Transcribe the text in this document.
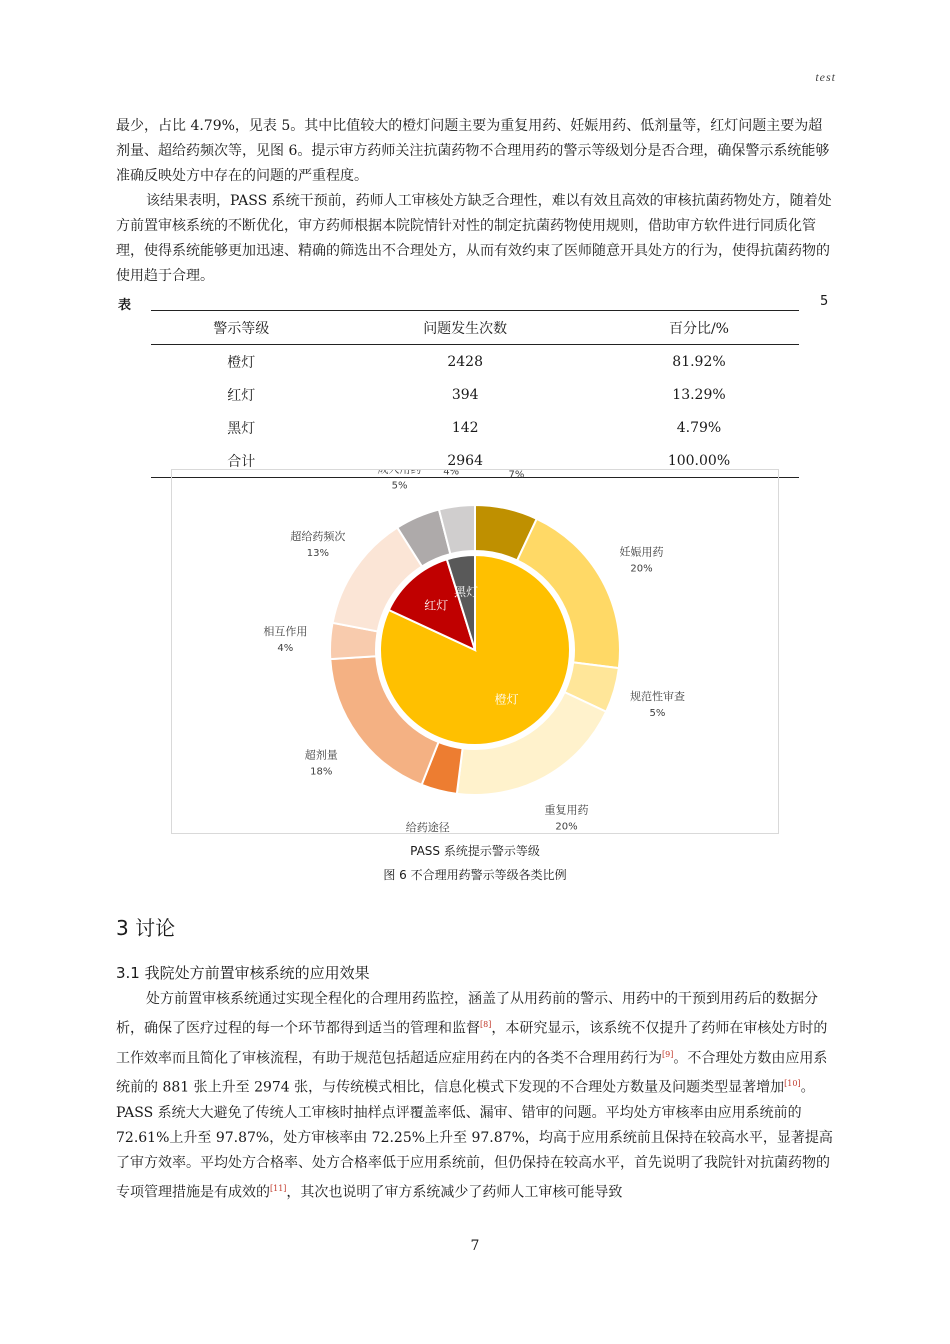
test

最少，占比 4.79%，见表 5。其中比值较大的橙灯问题主要为重复用药、妊娠用药、低剂量等，红灯问题主要为超剂量、超给药频次等，见图 6。提示审方药师关注抗菌药物不合理用药的警示等级划分是否合理，确保警示系统能够准确反映处方中存在的问题的严重程度。

该结果表明，PASS 系统干预前，药师人工审核处方缺乏合理性，难以有效且高效的审核抗菌药物处方，随着处方前置审核系统的不断优化，审方药师根据本院院情针对性的制定抗菌药物使用规则，借助审方软件进行同质化管理，使得系统能够更加迅速、精确的筛选出不合理处方，从而有效约束了医师随意开具处方的行为，使得抗菌药物的使用趋于合理。

表	5
警示等级	问题发生次数	百分比/%
橙灯	2428	81.92%
红灯	394	13.29%
黑灯	142	4.79%
合计	2964	100.00%
7%
妊娠用药
20%
规范性审查
5%
重复用药
20%
给药途径
超剂量
18%
相互作用
4%
超给药频次
13%
5%
4%
橙灯
红灯
黑灯
PASS 系统提示警示等级
图 6 不合理用药警示等级各类比例
3 讨论
3.1 我院处方前置审核系统的应用效果

处方前置审核系统通过实现全程化的合理用药监控，涵盖了从用药前的警示、用药中的干预到用药后的数据分析，确保了医疗过程的每一个环节都得到适当的管理和监督[8]，本研究显示，该系统不仅提升了药师在审核处方时的工作效率而且简化了审核流程，有助于规范包括超适应症用药在内的各类不合理用药行为[9]。不合理处方数由应用系统前的 881 张上升至 2974 张，与传统模式相比，信息化模式下发现的不合理处方数量及问题类型显著增加[10]。PASS 系统大大避免了传统人工审核时抽样点评覆盖率低、漏审、错审的问题。平均处方审核率由应用系统前的 72.61%上升至 97.87%，处方审核率由 72.25%上升至 97.87%，均高于应用系统前且保持在较高水平，显著提高了审方效率。平均处方合格率、处方合格率低于应用系统前，但仍保持在较高水平，首先说明了我院针对抗菌药物的专项管理措施是有成效的[11]，其次也说明了审方系统减少了药师人工审核可能导致

7
